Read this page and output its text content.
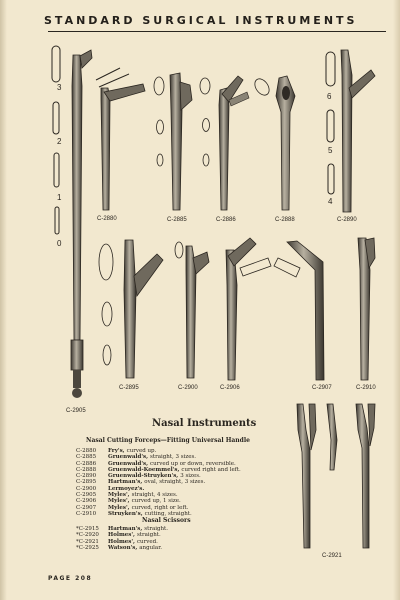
STANDARD SURGICAL INSTRUMENTS
3
2
1
0
6
5
4
C-2880	C-2885	C-2886	C-2888	C-2890
C-2895	C-2900	C-2906	C-2907	C-2910
C-2905
C-2921
Nasal Instruments
Nasal Cutting Forceps—Fitting Universal Handle
C-2880	Fry's, curved up.
C-2885	Gruenwald's, straight, 3 sizes.
C-2886	Gruenwald's, curved up or down, reversible.
C-2888	Gruenwald-Koemmel's, curved right and left.
C-2890	Gruenwald-Struyken's, 3 sizes.
C-2895	Hartman's, oval, straight, 3 sizes.
C-2900	Lermoyez's.
C-2905	Myles', straight, 4 sizes.
C-2906	Myles', curved up, 1 size.
C-2907	Myles', curved, right or left.
C-2910	Struyken's, cutting, straight.
Nasal Scissors
*C-2915	Hartman's, straight.
*C-2920	Holmes', straight.
*C-2921	Holmes', curved.
*C-2925	Watson's, angular.
PAGE 208
